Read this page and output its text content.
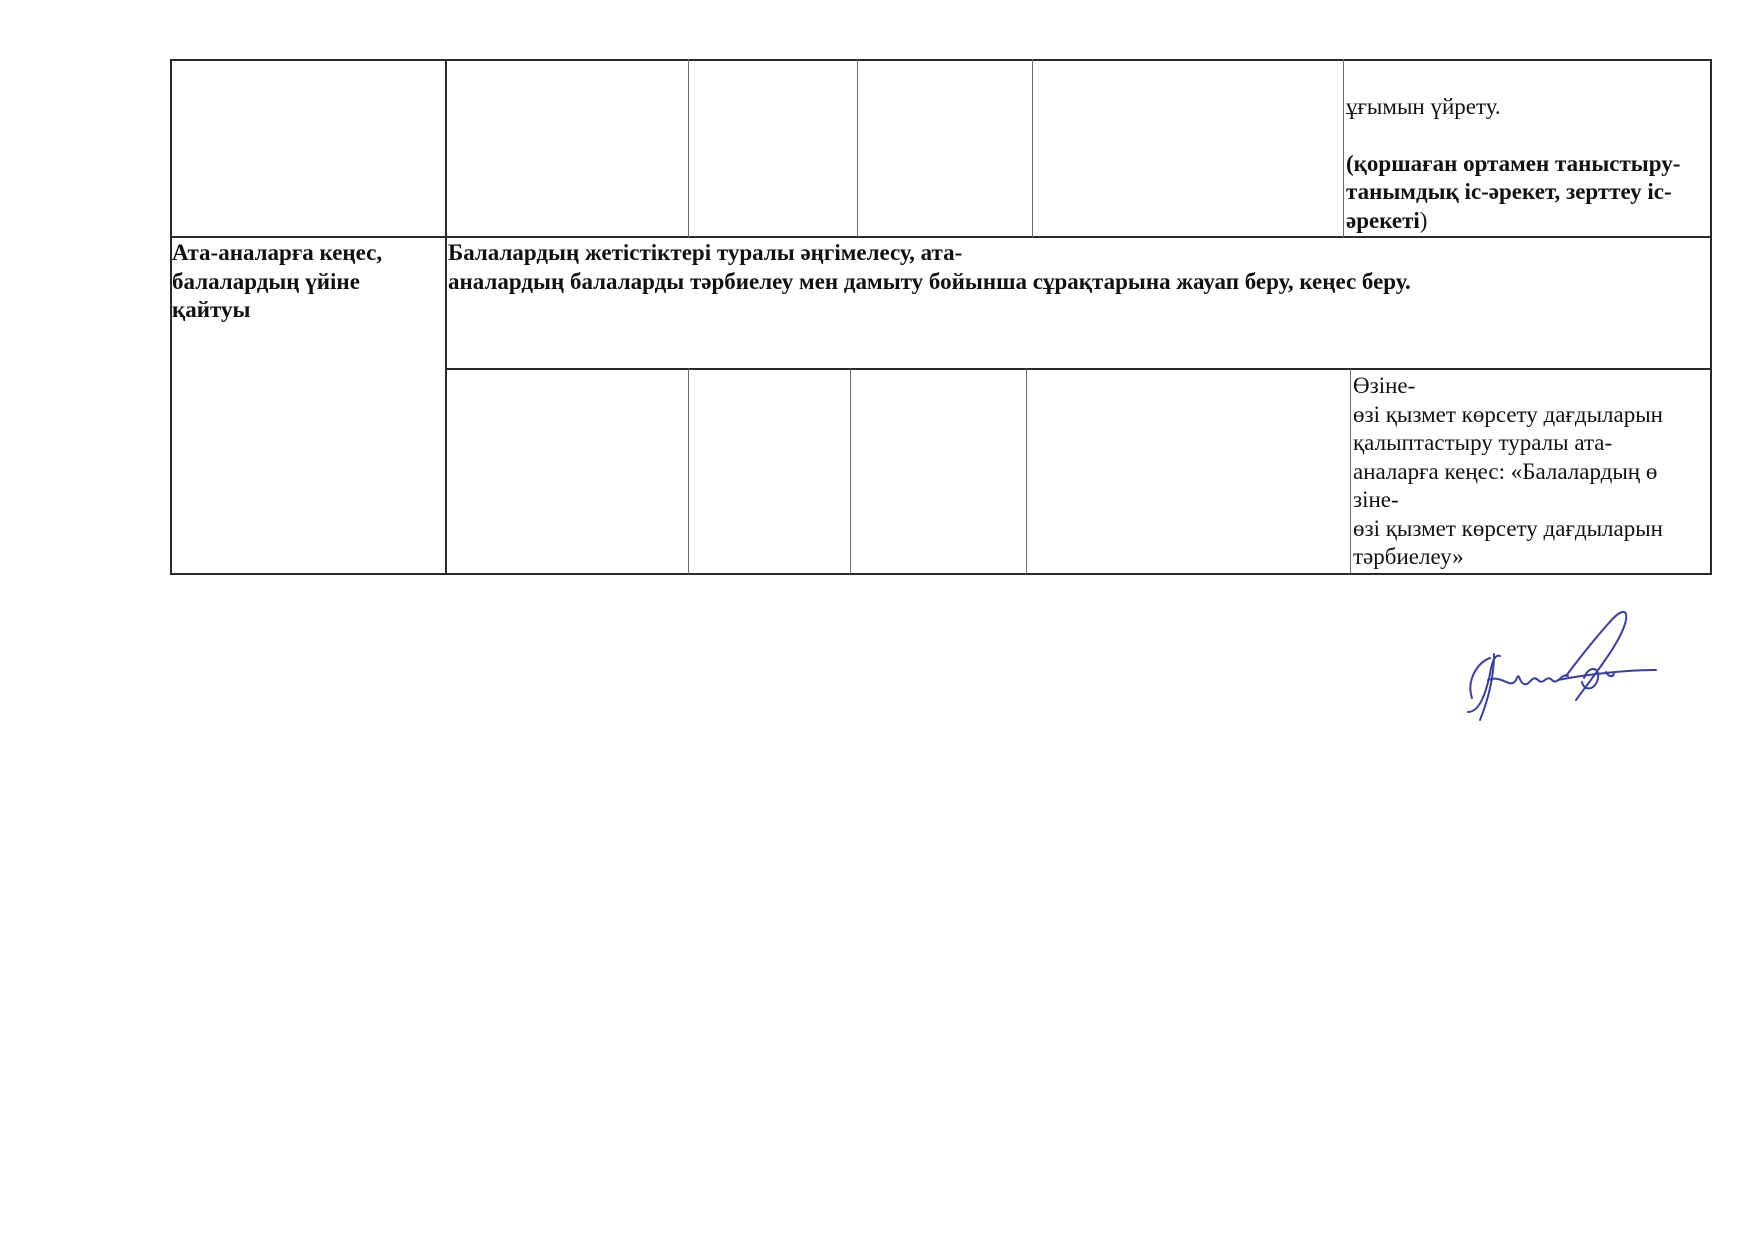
ұғымын үйрету.

(қоршаған ортамен таныстыру-
танымдық іс-әрекет, зерттеу іс-
әрекеті)

Ата-аналарға кеңес,
балалардың үйіне
қайтуы
Балалардың жетістіктері туралы әңгімелесу, ата-
аналардың балаларды тәрбиелеу мен дамыту бойынша сұрақтарына жауап беру, кеңес беру.
Өзіне-
өзі қызмет көрсету дағдыларын
қалыптастыру туралы ата-
аналарға кеңес: «Балалардың ө
зіне-
өзі қызмет көрсету дағдыларын
тәрбиелеу»
